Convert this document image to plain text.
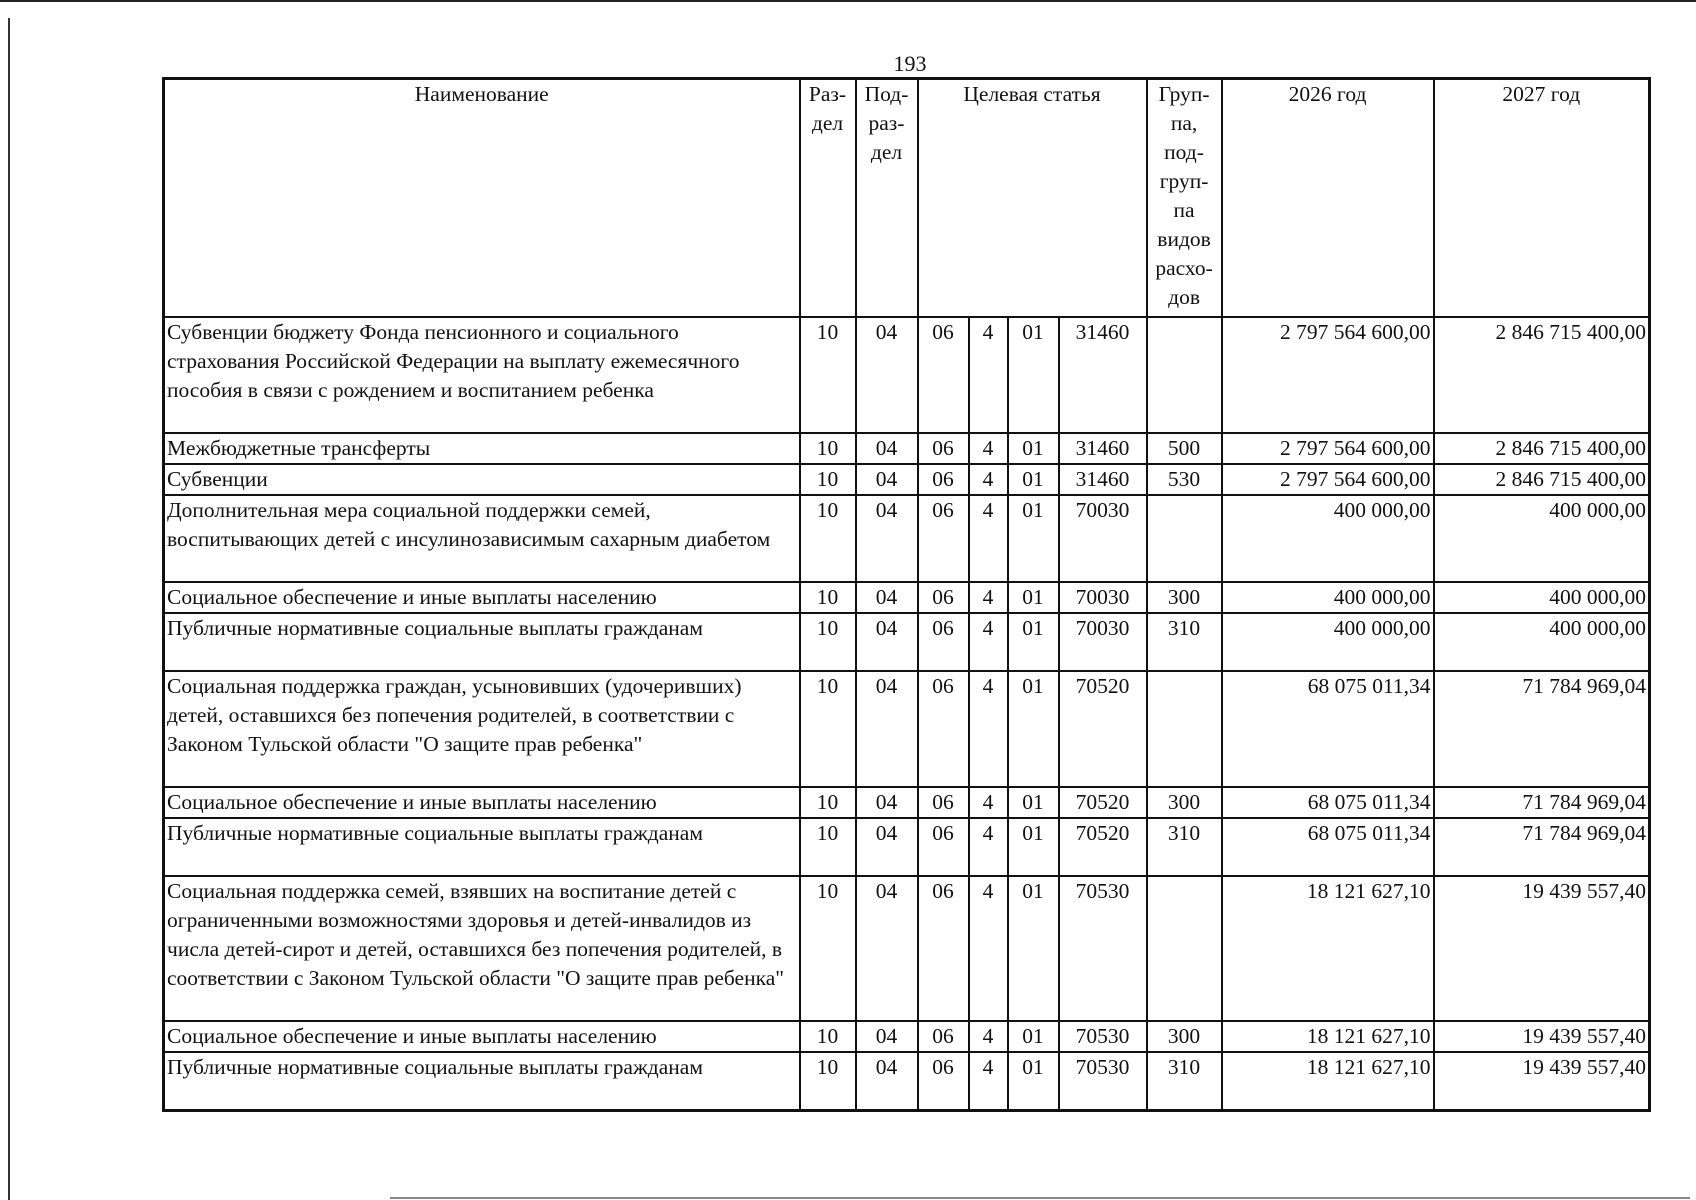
193
Наименование	Раз-дел	Под-раз-дел	Целевая статья				Груп-па, под-груп-па видов расхо-дов	2026 год	2027 год
Субвенции бюджету Фонда пенсионного и социального страхования Российской Федерации на выплату ежемесячного пособия в связи с рождением и воспитанием ребенка	10	04	06	4	01	31460		2 797 564 600,00	2 846 715 400,00
Межбюджетные трансферты	10	04	06	4	01	31460	500	2 797 564 600,00	2 846 715 400,00
Субвенции	10	04	06	4	01	31460	530	2 797 564 600,00	2 846 715 400,00
Дополнительная мера социальной поддержки семей, воспитывающих детей с инсулинозависимым сахарным диабетом	10	04	06	4	01	70030		400 000,00	400 000,00
Социальное обеспечение и иные выплаты населению	10	04	06	4	01	70030	300	400 000,00	400 000,00
Публичные нормативные социальные выплаты гражданам	10	04	06	4	01	70030	310	400 000,00	400 000,00
Социальная поддержка граждан, усыновивших (удочеривших) детей, оставшихся без попечения родителей, в соответствии с Законом Тульской области "О защите прав ребенка"	10	04	06	4	01	70520		68 075 011,34	71 784 969,04
Социальное обеспечение и иные выплаты населению	10	04	06	4	01	70520	300	68 075 011,34	71 784 969,04
Публичные нормативные социальные выплаты гражданам	10	04	06	4	01	70520	310	68 075 011,34	71 784 969,04
Социальная поддержка семей, взявших на воспитание детей с ограниченными возможностями здоровья и детей-инвалидов из числа детей-сирот и детей, оставшихся без попечения родителей, в соответствии с Законом Тульской области "О защите прав ребенка"	10	04	06	4	01	70530		18 121 627,10	19 439 557,40
Социальное обеспечение и иные выплаты населению	10	04	06	4	01	70530	300	18 121 627,10	19 439 557,40
Публичные нормативные социальные выплаты гражданам	10	04	06	4	01	70530	310	18 121 627,10	19 439 557,40
